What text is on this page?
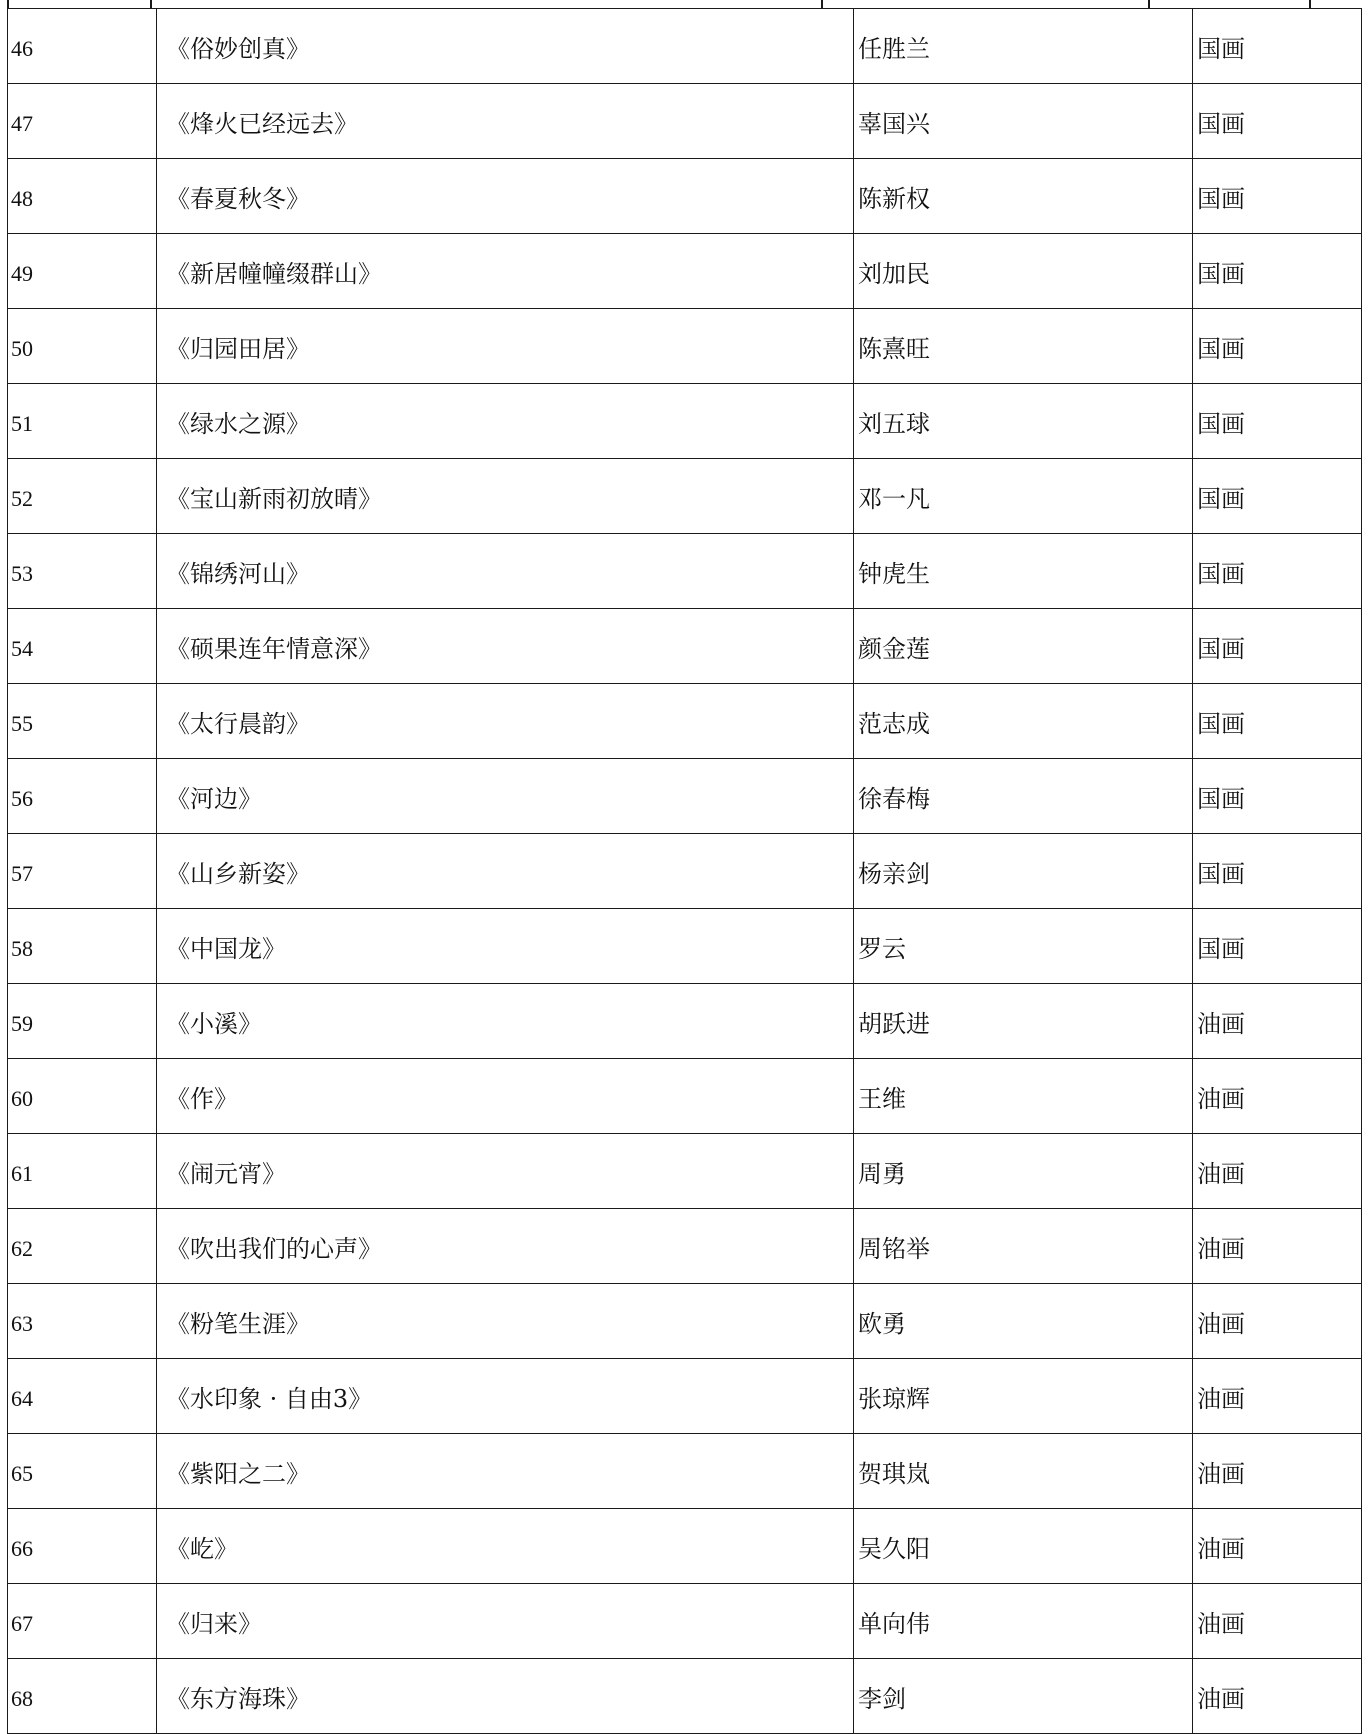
46	《俗妙创真》	任胜兰	国画
47	《烽火已经远去》	辜国兴	国画
48	《春夏秋冬》	陈新权	国画
49	《新居幢幢缀群山》	刘加民	国画
50	《归园田居》	陈熹旺	国画
51	《绿水之源》	刘五球	国画
52	《宝山新雨初放晴》	邓一凡	国画
53	《锦绣河山》	钟虎生	国画
54	《硕果连年情意深》	颜金莲	国画
55	《太行晨韵》	范志成	国画
56	《河边》	徐春梅	国画
57	《山乡新姿》	杨亲剑	国画
58	《中国龙》	罗云	国画
59	《小溪》	胡跃进	油画
60	《作》	王维	油画
61	《闹元宵》	周勇	油画
62	《吹出我们的心声》	周铭举	油画
63	《粉笔生涯》	欧勇	油画
64	《水印象 · 自由3》	张琼辉	油画
65	《紫阳之二》	贺琪岚	油画
66	《屹》	吴久阳	油画
67	《归来》	单向伟	油画
68	《东方海珠》	李剑	油画
